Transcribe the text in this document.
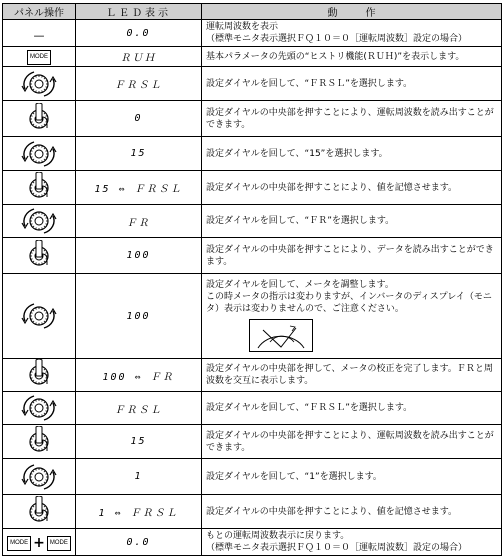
パネル操作	ＬＥＤ表示	動作
—	0.0	運転周波数を表示
（標準モニタ表示選択ＦＱ１０＝０［運転周波数］設定の場合）

MODE	ＲＵＨ	基本パラメータの先頭の“ヒストリ機能(ＲＵＨ)”を表示します。

	ＦＲＳＬ	設定ダイヤルを回して、“ＦＲＳＬ”を選択します。

	0	設定ダイヤルの中央部を押すことにより、運転周波数を読み出すことができます。

	15	設定ダイヤルを回して、“15”を選択します。

	15 ⇔ ＦＲＳＬ	設定ダイヤルの中央部を押すことにより、値を記憶させます。

	ＦＲ	設定ダイヤルを回して、“ＦＲ”を選択します。

	100	設定ダイヤルの中央部を押すことにより、データを読み出すことができます。

	100	設定ダイヤルを回して、メータを調整します。
この時メータの指示は変わりますが、インバータのディスプレイ（モニタ）表示は変わりませんので、ご注意ください。

	100 ⇔ ＦＲ	設定ダイヤルの中央部を押して、メータの校正を完了します。ＦＲと周波数を交互に表示します。

	ＦＲＳＬ	設定ダイヤルを回して、“ＦＲＳＬ”を選択します。

	15	設定ダイヤルの中央部を押すことにより、運転周波数を読み出すことができます。

	1	設定ダイヤルを回して、“1”を選択します。

	1 ⇔ ＦＲＳＬ	設定ダイヤルの中央部を押すことにより、値を記憶させます。

MODE + MODE	0.0	もとの運転周波数表示に戻ります。
（標準モニタ表示選択ＦＱ１０＝０［運転周波数］設定の場合）
